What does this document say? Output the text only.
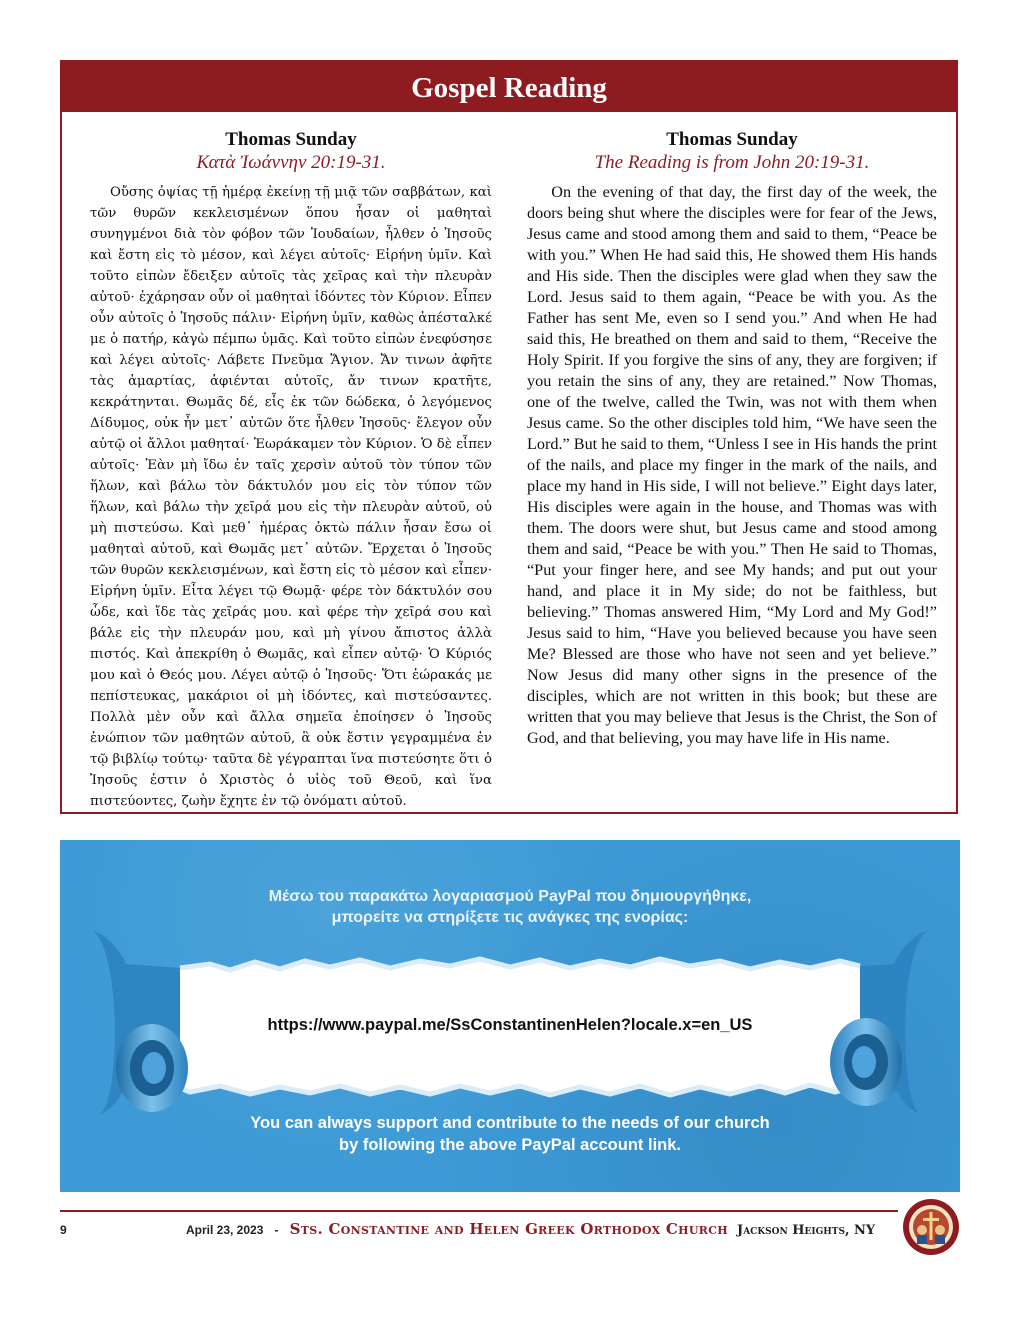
Gospel Reading
Thomas Sunday
Κατὰ Ἰωάννην 20:19-31.

Οὔσης ὀψίας τῇ ἡμέρᾳ ἐκείνῃ τῇ μιᾷ τῶν σαββάτων, καὶ τῶν θυρῶν κεκλεισμένων ὅπου ἦσαν οἱ μαθηταὶ συνηγμένοι διὰ τὸν φόβον τῶν Ἰουδαίων, ἦλθεν ὁ Ἰησοῦς καὶ ἔστη εἰς τὸ μέσον, καὶ λέγει αὐτοῖς· Εἰρήνη ὑμῖν. Καὶ τοῦτο εἰπὼν ἔδειξεν αὐτοῖς τὰς χεῖρας καὶ τὴν πλευρὰν αὐτοῦ· ἐχάρησαν οὖν οἱ μαθηταὶ ἰδόντες τὸν Κύριον. Εἶπεν οὖν αὐτοῖς ὁ Ἰησοῦς πάλιν· Εἰρήνη ὑμῖν, καθὼς ἀπέσταλκέ με ὁ πατήρ, κἀγὼ πέμπω ὑμᾶς. Καὶ τοῦτο εἰπὼν ἐνεφύσησε καὶ λέγει αὐτοῖς· Λάβετε Πνεῦμα Ἅγιον. Ἄν τινων ἀφῆτε τὰς ἁμαρτίας, ἀφιένται αὐτοῖς, ἄν τινων κρατῆτε, κεκράτηνται. Θωμᾶς δέ, εἷς ἐκ τῶν δώδεκα, ὁ λεγόμενος Δίδυμος, οὐκ ἦν μετ᾿ αὐτῶν ὅτε ἦλθεν Ἰησοῦς· ἔλεγον οὖν αὐτῷ οἱ ἄλλοι μαθηταί· Ἑωράκαμεν τὸν Κύριον. Ὁ δὲ εἶπεν αὐτοῖς· Ἐὰν μὴ ἴδω ἐν ταῖς χερσὶν αὐτοῦ τὸν τύπον τῶν ἥλων, καὶ βάλω τὸν δάκτυλόν μου εἰς τὸν τύπον τῶν ἥλων, καὶ βάλω τὴν χεῖρά μου εἰς τὴν πλευρὰν αὐτοῦ, οὐ μὴ πιστεύσω. Καὶ μεθ᾿ ἡμέρας ὀκτὼ πάλιν ἦσαν ἔσω οἱ μαθηταὶ αὐτοῦ, καὶ Θωμᾶς μετ᾿ αὐτῶν. Ἔρχεται ὁ Ἰησοῦς τῶν θυρῶν κεκλεισμένων, καὶ ἔστη εἰς τὸ μέσον καὶ εἶπεν· Εἰρήνη ὑμῖν. Εἶτα λέγει τῷ Θωμᾷ· φέρε τὸν δάκτυλόν σου ὧδε, καὶ ἴδε τὰς χεῖράς μου. καὶ φέρε τὴν χεῖρά σου καὶ βάλε εἰς τὴν πλευράν μου, καὶ μὴ γίνου ἄπιστος ἀλλὰ πιστός. Καὶ ἀπεκρίθη ὁ Θωμᾶς, καὶ εἶπεν αὐτῷ· Ὁ Κύριός μου καὶ ὁ Θεός μου. Λέγει αὐτῷ ὁ Ἰησοῦς· Ὅτι ἑώρακάς με πεπίστευκας, μακάριοι οἱ μὴ ἰδόντες, καὶ πιστεύσαντες. Πολλὰ μὲν οὖν καὶ ἄλλα σημεῖα ἐποίησεν ὁ Ἰησοῦς ἐνώπιον τῶν μαθητῶν αὐτοῦ, ἃ οὐκ ἔστιν γεγραμμένα ἐν τῷ βιβλίῳ τούτῳ· ταῦτα δὲ γέγραπται ἵνα πιστεύσητε ὅτι ὁ Ἰησοῦς ἐστιν ὁ Χριστὸς ὁ υἱὸς τοῦ Θεοῦ, καὶ ἵνα πιστεύοντες, ζωὴν ἔχητε ἐν τῷ ὀνόματι αὐτοῦ.

Thomas Sunday
The Reading is from John 20:19-31.

On the evening of that day, the first day of the week, the doors being shut where the disciples were for fear of the Jews, Jesus came and stood among them and said to them, “Peace be with you.” When He had said this, He showed them His hands and His side. Then the disciples were glad when they saw the Lord. Jesus said to them again, “Peace be with you. As the Father has sent Me, even so I send you.” And when He had said this, He breathed on them and said to them, “Receive the Holy Spirit. If you forgive the sins of any, they are forgiven; if you retain the sins of any, they are retained.” Now Thomas, one of the twelve, called the Twin, was not with them when Jesus came. So the other disciples told him, “We have seen the Lord.” But he said to them, “Unless I see in His hands the print of the nails, and place my finger in the mark of the nails, and place my hand in His side, I will not believe.” Eight days later, His disciples were again in the house, and Thomas was with them. The doors were shut, but Jesus came and stood among them and said, “Peace be with you.” Then He said to Thomas, “Put your finger here, and see My hands; and put out your hand, and place it in My side; do not be faithless, but believing.” Thomas answered Him, “My Lord and My God!” Jesus said to him, “Have you believed because you have seen Me? Blessed are those who have not seen and yet believe.” Now Jesus did many other signs in the presence of the disciples, which are not written in this book; but these are written that you may believe that Jesus is the Christ, the Son of God, and that believing, you may have life in His name.

Μέσω του παρακάτω λογαριασμού PayPal που δημιουργήθηκε,
μπορείτε να στηρίξετε τις ανάγκες της ενορίας:
https://www.paypal.me/SsConstantinenHelen?locale.x=en_US
You can always support and contribute to the needs of our church
by following the above PayPal account link.
9	April 23, 2023 - Sts. Constantine and Helen Greek Orthodox Church Jackson Heights, NY
